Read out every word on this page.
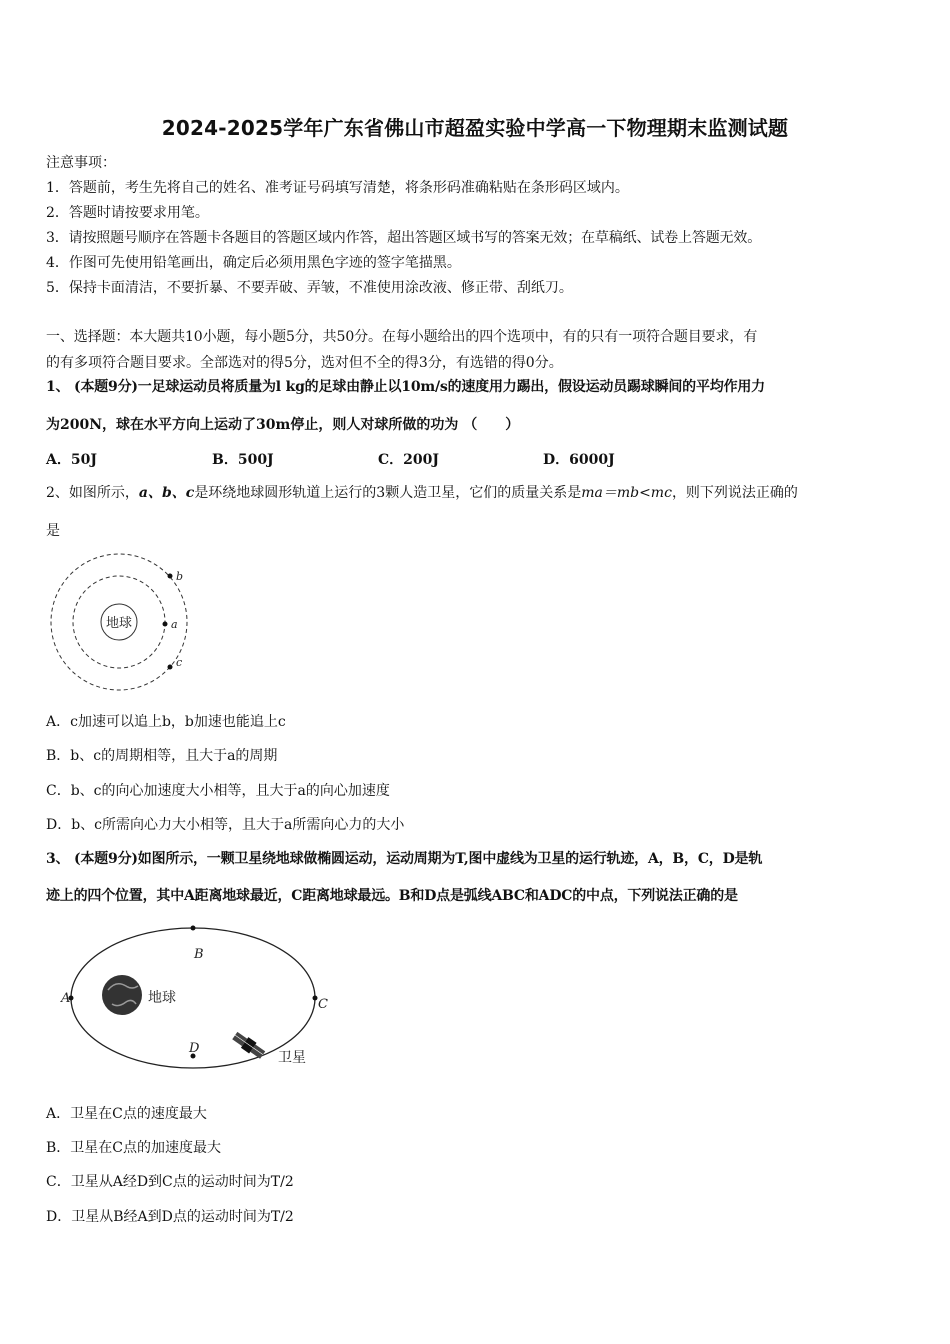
2024-2025学年广东省佛山市超盈实验中学高一下物理期末监测试题
注意事项：
1．答题前，考生先将自己的姓名、准考证号码填写清楚，将条形码准确粘贴在条形码区域内。
2．答题时请按要求用笔。
3．请按照题号顺序在答题卡各题目的答题区域内作答，超出答题区域书写的答案无效；在草稿纸、试卷上答题无效。
4．作图可先使用铅笔画出，确定后必须用黑色字迹的签字笔描黑。
5．保持卡面清洁，不要折暴、不要弄破、弄皱，不准使用涂改液、修正带、刮纸刀。
一、选择题：本大题共10小题，每小题5分，共50分。在每小题给出的四个选项中，有的只有一项符合题目要求，有
的有多项符合题目要求。全部选对的得5分，选对但不全的得3分，有选错的得0分。
1、 (本题9分)一足球运动员将质量为l kg的足球由静止以10m/s的速度用力踢出，假设运动员踢球瞬间的平均作用力
为200N，球在水平方向上运动了30m停止，则人对球所做的功为 （　　）
A．50J	B．500J	C．200J	D．6000J
2、如图所示，a、b、c是环绕地球圆形轨道上运行的3颗人造卫星，它们的质量关系是ma＝mb<mc，则下列说法正确的
是
地球	a
b
c
A．c加速可以追上b，b加速也能追上c
B．b、c的周期相等，且大于a的周期
C．b、c的向心加速度大小相等，且大于a的向心加速度
D．b、c所需向心力大小相等，且大于a所需向心力的大小
3、 (本题9分)如图所示，一颗卫星绕地球做椭圆运动，运动周期为T,图中虚线为卫星的运行轨迹，A，B，C，D是轨
迹上的四个位置，其中A距离地球最近，C距离地球最远。B和D点是弧线ABC和ADC的中点，下列说法正确的是
地球
A
B
C
D
卫星
A．卫星在C点的速度最大
B．卫星在C点的加速度最大
C．卫星从A经D到C点的运动时间为T/2
D．卫星从B经A到D点的运动时间为T/2
